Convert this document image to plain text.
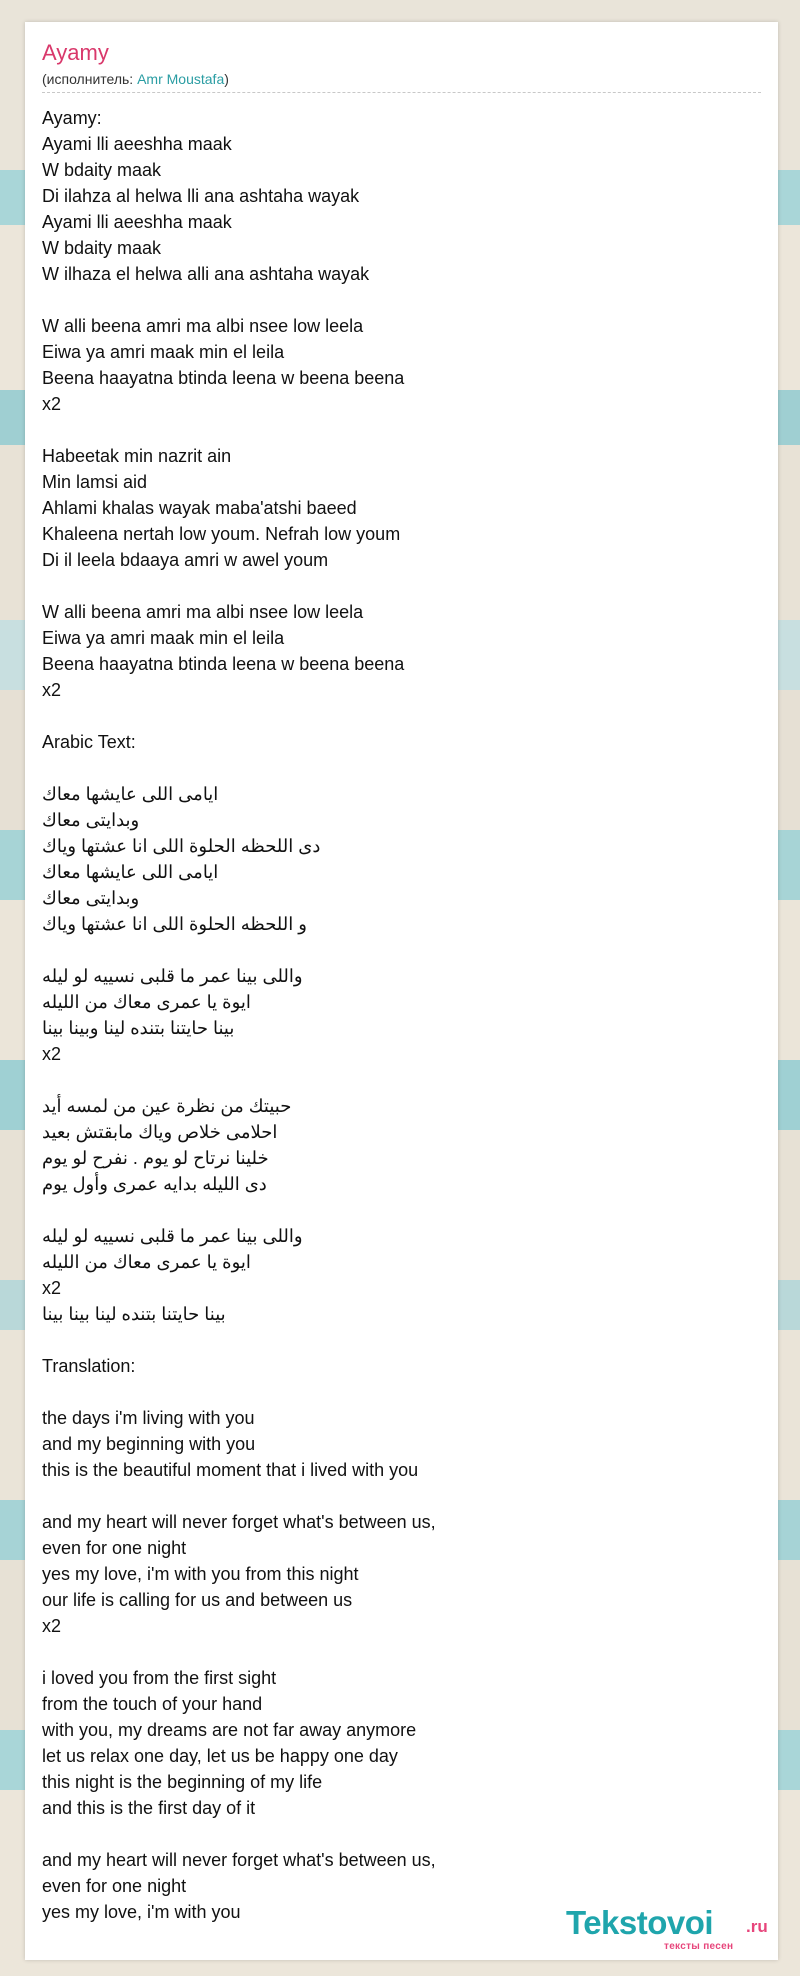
Ayamy
(исполнитель: Amr Moustafa)
Ayamy:
Ayami lli aeeshha maak
W bdaity maak
Di ilahza al helwa lli ana ashtaha wayak
Ayami lli aeeshha maak
W bdaity maak
W ilhaza el helwa alli ana ashtaha wayak

W alli beena amri ma albi nsee low leela
Eiwa ya amri maak min el leila
Beena haayatna btinda leena w beena beena
x2

Habeetak min nazrit ain
Min lamsi aid
Ahlami khalas wayak maba'atshi baeed
Khaleena nertah low youm. Nefrah low youm
Di il leela bdaaya amri w awel youm

W alli beena amri ma albi nsee low leela
Eiwa ya amri maak min el leila
Beena haayatna btinda leena w beena beena
x2

Arabic Text:

ايامى اللى عايشها معاك
وبدايتى معاك
دى اللحظه الحلوة اللى انا عشتها وياك
ايامى اللى عايشها معاك
وبدايتى معاك
و اللحظه الحلوة اللى انا عشتها وياك

واللى بينا عمر ما قلبى نسييه لو ليله
ايوة يا عمرى معاك من الليله
بينا حايتنا بتنده لينا وبينا بينا
x2

حبيتك من نظرة عين من لمسه أيد
احلامى خلاص وياك مابقتش بعيد
خلينا نرتاح لو يوم . نفرح لو يوم
دى الليله بدايه عمرى وأول يوم

واللى بينا عمر ما قلبى نسييه لو ليله
ايوة يا عمرى معاك من الليله
x2
بينا حايتنا بتنده لينا بينا بينا

Translation:

the days i'm living with you
and my beginning with you
this is the beautiful moment that i lived with you

and my heart will never forget what's between us,
even for one night
yes my love, i'm with you from this night
our life is calling for us and between us
x2

i loved you from the first sight
from the touch of your hand
with you, my dreams are not far away anymore
let us relax one day, let us be happy one day
this night is the beginning of my life
and this is the first day of it

and my heart will never forget what's between us,
even for one night
yes my love, i'm with you	Tekstovoi .ru
тексты песен
